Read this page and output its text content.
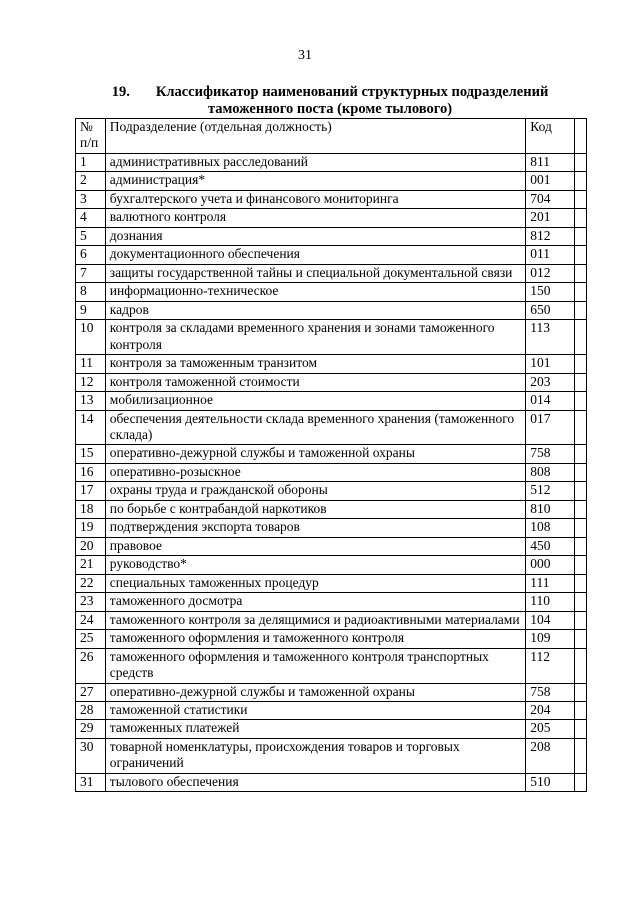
31
19. Классификатор наименований структурных подразделений
таможенного поста (кроме тылового)
№
п/п	Подразделение (отдельная должность)	Код	
1	административных расследований	811	
2	администрация*	001	
3	бухгалтерского учета и финансового мониторинга	704	
4	валютного контроля	201	
5	дознания	812	
6	документационного обеспечения	011	
7	защиты государственной тайны и специальной документальной связи	012	
8	информационно-техническое	150	
9	кадров	650	
10	контроля за складами временного хранения и зонами таможенного контроля	113	
11	контроля за таможенным транзитом	101	
12	контроля таможенной стоимости	203	
13	мобилизационное	014	
14	обеспечения деятельности склада временного хранения (таможенного склада)	017	
15	оперативно-дежурной службы и таможенной охраны	758	
16	оперативно-розыскное	808	
17	охраны труда и гражданской обороны	512	
18	по борьбе с контрабандой наркотиков	810	
19	подтверждения экспорта товаров	108	
20	правовое	450	
21	руководство*	000	
22	специальных таможенных процедур	111	
23	таможенного досмотра	110	
24	таможенного контроля за делящимися и радиоактивными материалами	104	
25	таможенного оформления и таможенного контроля	109	
26	таможенного оформления и таможенного контроля транспортных средств	112	
27	оперативно-дежурной службы и таможенной охраны	758	
28	таможенной статистики	204	
29	таможенных платежей	205	
30	товарной номенклатуры, происхождения товаров и торговых ограничений	208	
31	тылового обеспечения	510	
